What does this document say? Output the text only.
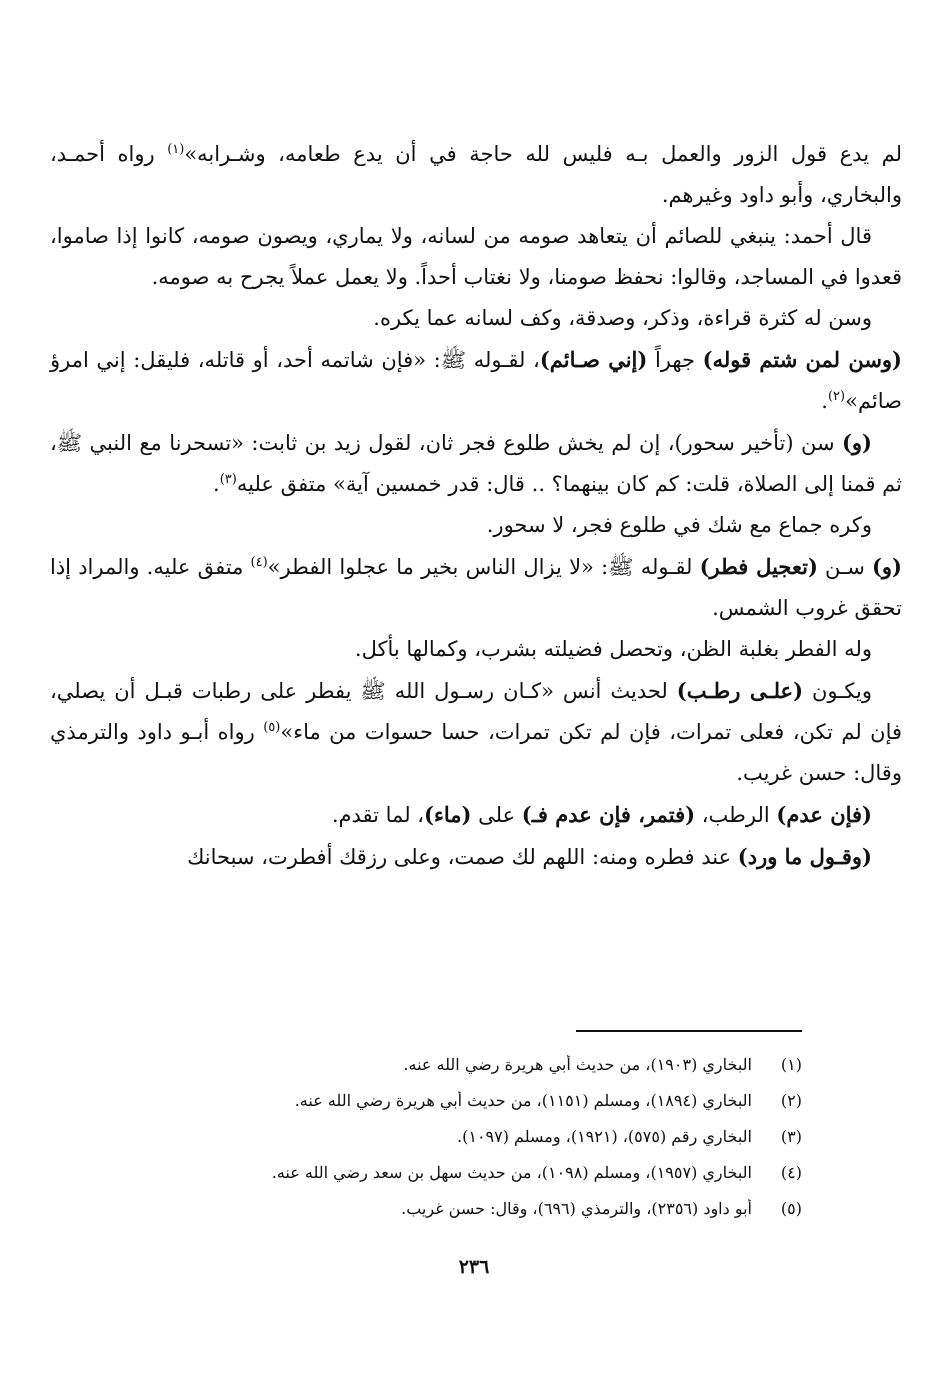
لم يدع قول الزور والعمل بـه فليس لله حاجة في أن يدع طعامه، وشـرابه»$^{(١)}$ رواه أحمـد، والبخاري، وأبو داود وغيرهم.

قال أحمد: ينبغي للصائم أن يتعاهد صومه من لسانه، ولا يماري، ويصون صومه، كانوا إذا صاموا، قعدوا في المساجد، وقالوا: نحفظ صومنا، ولا نغتاب أحداً. ولا يعمل عملاً يجرح به صومه.

وسن له كثرة قراءة، وذكر، وصدقة، وكف لسانه عما يكره.

(وسن لمن شتم قوله) جهراً (إني صـائم)، لقـوله ﷺ: «فإن شاتمه أحد، أو قاتله، فليقل: إني امرؤ صائم»$^{(٢)}$.

(و) سن (تأخير سحور)، إن لم يخش طلوع فجر ثان، لقول زيد بن ثابت: «تسحرنا مع النبي ﷺ، ثم قمنا إلى الصلاة، قلت: كم كان بينهما؟ .. قال: قدر خمسين آية» متفق عليه$^{(٣)}$.

وكره جماع مع شك في طلوع فجر، لا سحور.

(و) سـن (تعجيل فطر) لقـوله ﷺ: «لا يزال الناس بخير ما عجلوا الفطر»$^{(٤)}$ متفق عليه. والمراد إذا تحقق غروب الشمس.

وله الفطر بغلبة الظن، وتحصل فضيلته بشرب، وكمالها بأكل.

ويكـون (علـى رطـب) لحديث أنس «كـان رسـول الله ﷺ يفطر على رطبات قبـل أن يصلي، فإن لم تكن، فعلى تمرات، فإن لم تكن تمرات، حسا حسوات من ماء»$^{(٥)}$ رواه أبـو داود والترمذي وقال: حسن غريب.

(فإن عدم) الرطب، (فتمر، فإن عدم فـ) على (ماء)، لما تقدم.

(وقـول ما ورد) عند فطره ومنه: اللهم لك صمت، وعلى رزقك أفطرت، سبحانك

(١)
البخاري (١٩٠٣)، من حديث أبي هريرة رضي الله عنه.
(٢)
البخاري (١٨٩٤)، ومسلم (١١٥١)، من حديث أبي هريرة رضي الله عنه.
(٣)
البخاري رقم (٥٧٥)، (١٩٢١)، ومسلم (١٠٩٧).
(٤)
البخاري (١٩٥٧)، ومسلم (١٠٩٨)، من حديث سهل بن سعد رضي الله عنه.
(٥)
أبو داود (٢٣٥٦)، والترمذي (٦٩٦)، وقال: حسن غريب.
٢٣٦
